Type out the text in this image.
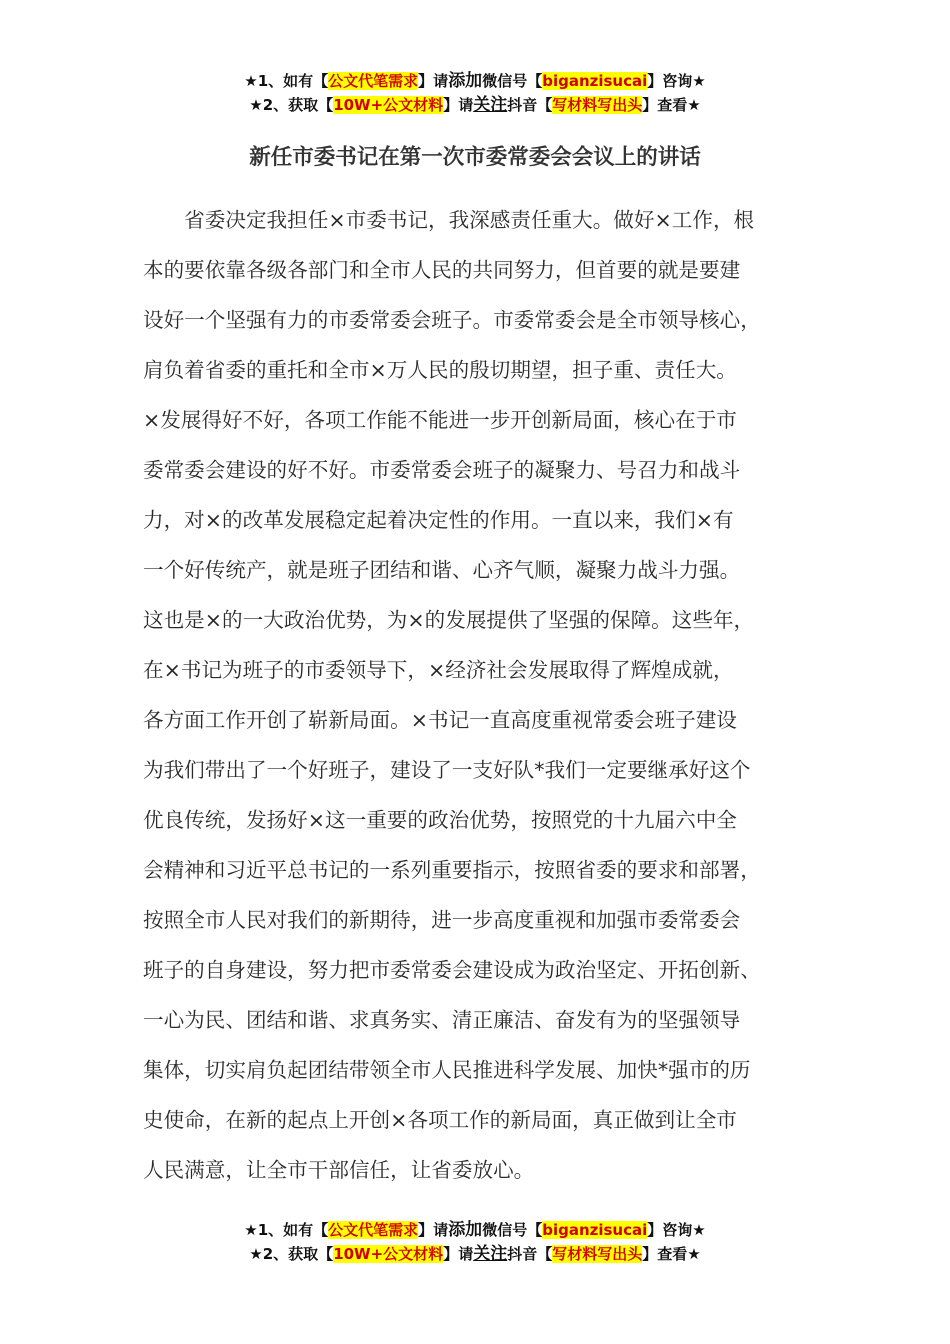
★1、如有【公文代笔需求】请添加微信号【biganzisucai】咨询★
★2、获取【10W+公文材料】请关注抖音【写材料写出头】查看★
新任市委书记在第一次市委常委会会议上的讲话
　　省委决定我担任×市委书记，我深感责任重大。做好×工作，根
本的要依靠各级各部门和全市人民的共同努力，但首要的就是要建
设好一个坚强有力的市委常委会班子。市委常委会是全市领导核心，
肩负着省委的重托和全市×万人民的殷切期望，担子重、责任大。
×发展得好不好，各项工作能不能进一步开创新局面，核心在于市
委常委会建设的好不好。市委常委会班子的凝聚力、号召力和战斗
力，对×的改革发展稳定起着决定性的作用。一直以来，我们×有
一个好传统产，就是班子团结和谐、心齐气顺，凝聚力战斗力强。
这也是×的一大政治优势，为×的发展提供了坚强的保障。这些年，
在×书记为班子的市委领导下，×经济社会发展取得了辉煌成就，
各方面工作开创了崭新局面。×书记一直高度重视常委会班子建设
为我们带出了一个好班子，建设了一支好队*我们一定要继承好这个
优良传统，发扬好×这一重要的政治优势，按照党的十九届六中全
会精神和习近平总书记的一系列重要指示，按照省委的要求和部署，
按照全市人民对我们的新期待，进一步高度重视和加强市委常委会
班子的自身建设，努力把市委常委会建设成为政治坚定、开拓创新、
一心为民、团结和谐、求真务实、清正廉洁、奋发有为的坚强领导
集体，切实肩负起团结带领全市人民推进科学发展、加快*强市的历
史使命，在新的起点上开创×各项工作的新局面，真正做到让全市
人民满意，让全市干部信任，让省委放心。
★1、如有【公文代笔需求】请添加微信号【biganzisucai】咨询★
★2、获取【10W+公文材料】请关注抖音【写材料写出头】查看★
